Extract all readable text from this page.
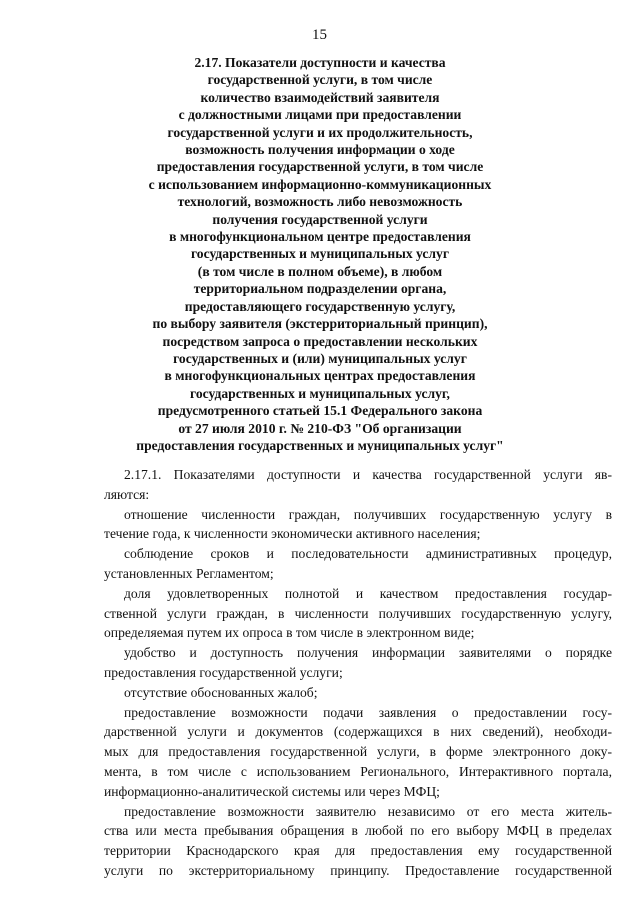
15
2.17. Показатели доступности и качества
государственной услуги, в том числе
количество взаимодействий заявителя
с должностными лицами при предоставлении
государственной услуги и их продолжительность,
возможность получения информации о ходе
предоставления государственной услуги, в том числе
с использованием информационно-коммуникационных
технологий, возможность либо невозможность
получения государственной услуги
в многофункциональном центре предоставления
государственных и муниципальных услуг
(в том числе в полном объеме), в любом
территориальном подразделении органа,
предоставляющего государственную услугу,
по выбору заявителя (экстерриториальный принцип),
посредством запроса о предоставлении нескольких
государственных и (или) муниципальных услуг
в многофункциональных центрах предоставления
государственных и муниципальных услуг,
предусмотренного статьей 15.1 Федерального закона
от 27 июля 2010 г. № 210-ФЗ "Об организации
предоставления государственных и муниципальных услуг"
2.17.1. Показателями доступности и качества государственной услуги яв-
ляются:
отношение численности граждан, получивших государственную услугу в
течение года, к численности экономически активного населения;
соблюдение сроков и последовательности административных процедур,
установленных Регламентом;
доля удовлетворенных полнотой и качеством предоставления государ-
ственной услуги граждан, в численности получивших государственную услугу,
определяемая путем их опроса в том числе в электронном виде;
удобство и доступность получения информации заявителями о порядке
предоставления государственной услуги;
отсутствие обоснованных жалоб;
предоставление возможности подачи заявления о предоставлении госу-
дарственной услуги и документов (содержащихся в них сведений), необходи-
мых для предоставления государственной услуги, в форме электронного доку-
мента, в том числе с использованием Регионального, Интерактивного портала,
информационно-аналитической системы или через МФЦ;
предоставление возможности заявителю независимо от его места житель-
ства или места пребывания обращения в любой по его выбору МФЦ в пределах
территории Краснодарского края для предоставления ему государственной
услуги по экстерриториальному принципу. Предоставление государственной
